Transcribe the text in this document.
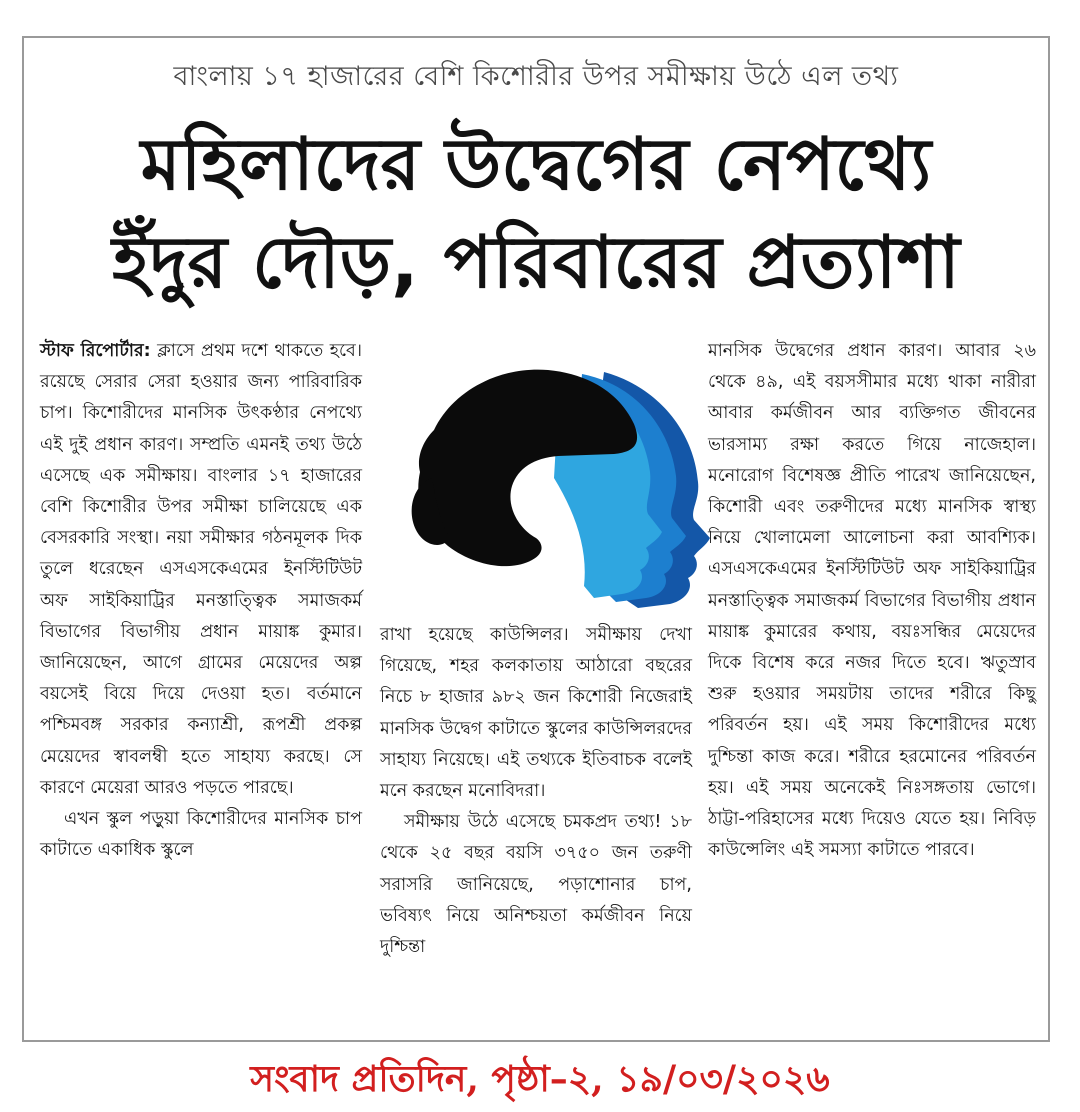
বাংলায় ১৭ হাজারের বেশি কিশোরীর উপর সমীক্ষায় উঠে এল তথ্য
মহিলাদের উদ্বেগের নেপথ্যে
ইঁদুর দৌড়, পরিবারের প্রত্যাশা

স্টাফ রিপোর্টার: ক্লাসে প্রথম দশে থাকতে হবে। রয়েছে সেরার সেরা হওয়ার জন্য পারিবারিক চাপ। কিশোরীদের মানসিক উৎকণ্ঠার নেপথ্যে এই দুই প্রধান কারণ। সম্প্রতি এমনই তথ্য উঠে এসেছে এক সমীক্ষায়। বাংলার ১৭ হাজারের বেশি কিশোরীর উপর সমীক্ষা চালিয়েছে এক বেসরকারি সংস্থা। নয়া সমীক্ষার গঠনমূলক দিক তুলে ধরেছেন এসএসকেএমের ইনস্টিটিউট অফ সাইকিয়াট্রির মনস্তাত্ত্বিক সমাজকর্ম বিভাগের বিভাগীয় প্রধান মায়াঙ্ক কুমার। জানিয়েছেন, আগে গ্রামের মেয়েদের অল্প বয়সেই বিয়ে দিয়ে দেওয়া হত। বর্তমানে পশ্চিমবঙ্গ সরকার কন্যাশ্রী, রূপশ্রী প্রকল্প মেয়েদের স্বাবলম্বী হতে সাহায্য করছে। সে কারণে মেয়েরা আরও পড়তে পারছে।

এখন স্কুল পড়ুয়া কিশোরীদের মানসিক চাপ কাটাতে একাধিক স্কুলে

রাখা হয়েছে কাউন্সিলর। সমীক্ষায় দেখা গিয়েছে, শহর কলকাতায় আঠারো বছরের নিচে ৮ হাজার ৯৮২ জন কিশোরী নিজেরাই মানসিক উদ্বেগ কাটাতে স্কুলের কাউন্সিলরদের সাহায্য নিয়েছে। এই তথ্যকে ইতিবাচক বলেই মনে করছেন মনোবিদরা।

সমীক্ষায় উঠে এসেছে চমকপ্রদ তথ্য! ১৮ থেকে ২৫ বছর বয়সি ৩৭৫০ জন তরুণী সরাসরি জানিয়েছে, পড়াশোনার চাপ, ভবিষ্যৎ নিয়ে অনিশ্চয়তা কর্মজীবন নিয়ে দুশ্চিন্তা

মানসিক উদ্বেগের প্রধান কারণ। আবার ২৬ থেকে ৪৯, এই বয়সসীমার মধ্যে থাকা নারীরা আবার কর্মজীবন আর ব্যক্তিগত জীবনের ভারসাম্য রক্ষা করতে গিয়ে নাজেহাল। মনোরোগ বিশেষজ্ঞ প্রীতি পারেখ জানিয়েছেন, কিশোরী এবং তরুণীদের মধ্যে মানসিক স্বাস্থ্য নিয়ে খোলামেলা আলোচনা করা আবশ্যিক। এসএসকেএমের ইনস্টিটিউট অফ সাইকিয়াট্রির মনস্তাত্ত্বিক সমাজকর্ম বিভাগের বিভাগীয় প্রধান মায়াঙ্ক কুমারের কথায়, বয়ঃসন্ধির মেয়েদের দিকে বিশেষ করে নজর দিতে হবে। ঋতুস্রাব শুরু হওয়ার সময়টায় তাদের শরীরে কিছু পরিবর্তন হয়। এই সময় কিশোরীদের মধ্যে দুশ্চিন্তা কাজ করে। শরীরে হরমোনের পরিবর্তন হয়। এই সময় অনেকেই নিঃসঙ্গতায় ভোগে। ঠাট্টা-পরিহাসের মধ্যে দিয়েও যেতে হয়। নিবিড় কাউন্সেলিং এই সমস্যা কাটাতে পারবে।

সংবাদ প্রতিদিন, পৃষ্ঠা–২, ১৯/০৩/২০২৬
